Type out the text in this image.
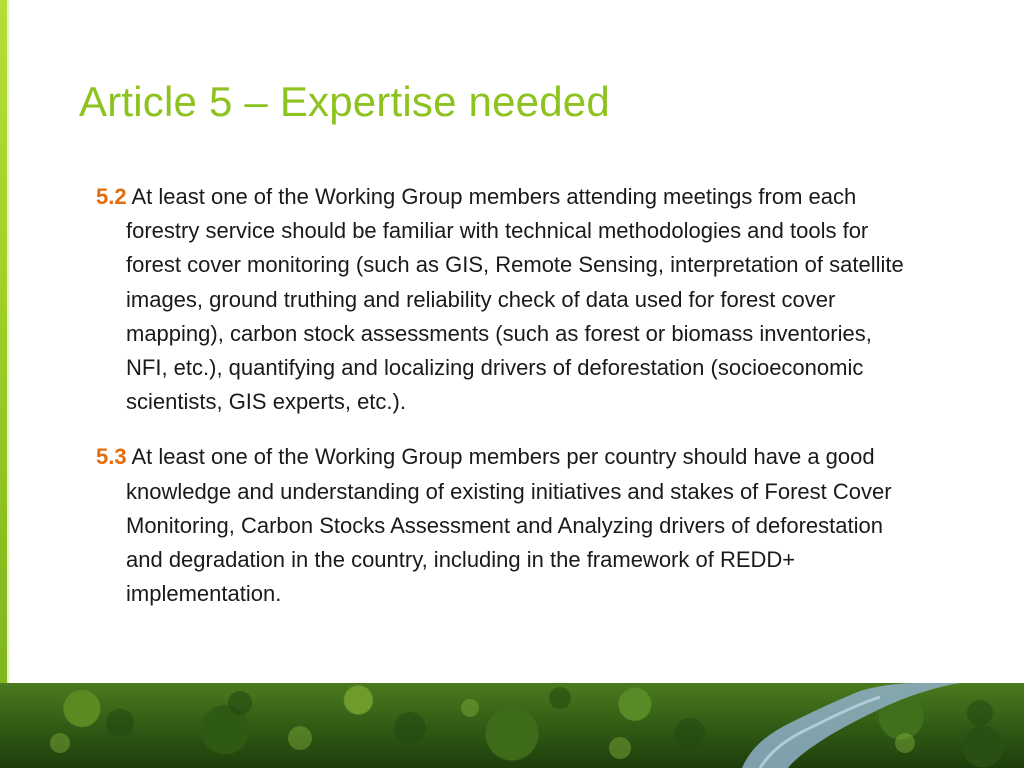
Article 5 – Expertise needed

5.2 At least one of the Working Group members attending meetings from each forestry service should be familiar with technical methodologies and tools for forest cover monitoring (such as GIS, Remote Sensing, interpretation of satellite images, ground truthing and reliability check of data used for forest cover mapping), carbon stock assessments (such as forest or biomass inventories, NFI, etc.), quantifying and localizing drivers of deforestation (socioeconomic scientists, GIS experts, etc.).

5.3 At least one of the Working Group members per country should have a good knowledge and understanding of existing initiatives and stakes of Forest Cover Monitoring, Carbon Stocks Assessment and Analyzing drivers of deforestation and degradation in the country, including in the framework of REDD+ implementation.
